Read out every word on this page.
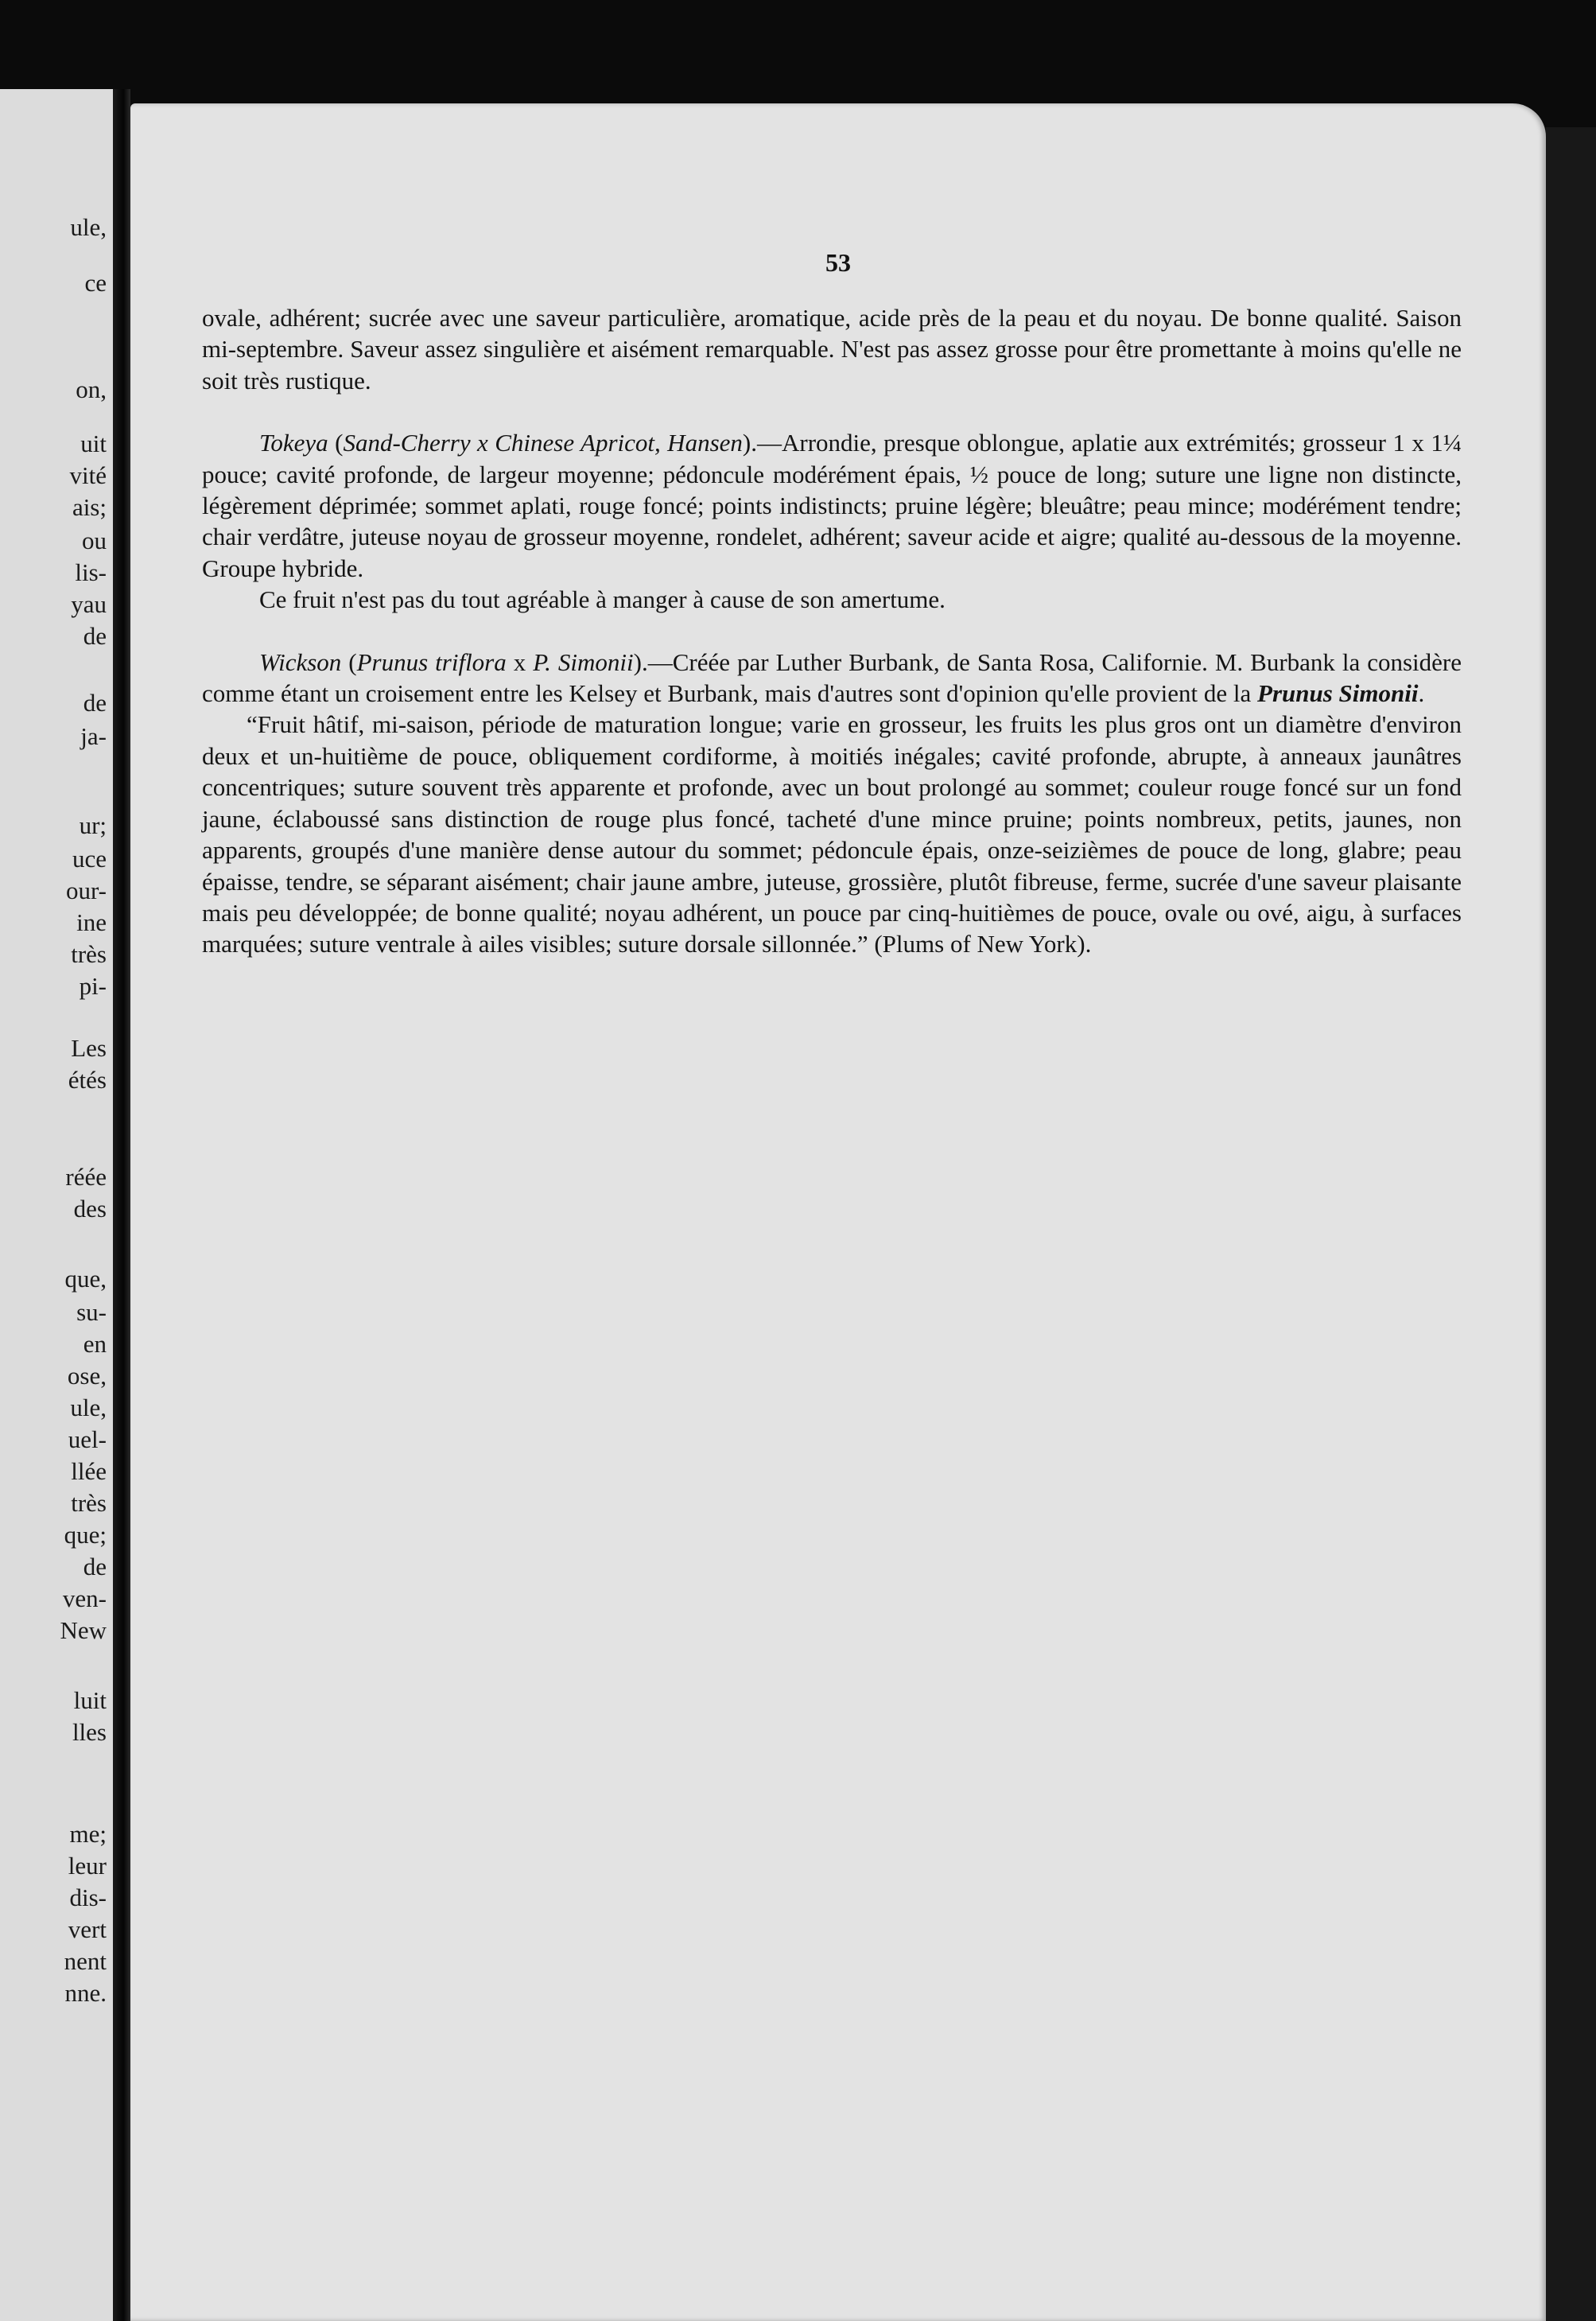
ule,
ce
on,
uit
vité
ais;
ou
lis-
yau
de
de
ja-
ur;
uce
our-
ine
très
pi-
Les
étés
réée
des
que,
su-
en
ose,
ule,
uel-
llée
très
que;
de
ven-
New
luit
lles
me;
leur
dis-
vert
nent
nne.
53

ovale, adhérent; sucrée avec une saveur particulière, aromatique, acide près de la peau et du noyau. De bonne qualité. Saison mi-septembre. Saveur assez singulière et aisément remarquable. N'est pas assez grosse pour être promettante à moins qu'elle ne soit très rustique.

Tokeya (Sand-Cherry x Chinese Apricot, Hansen).—Arrondie, presque oblongue, aplatie aux extrémités; grosseur 1 x 1¼ pouce; cavité profonde, de largeur moyenne; pédoncule modérément épais, ½ pouce de long; suture une ligne non distincte, légèrement déprimée; sommet aplati, rouge foncé; points indistincts; pruine légère; bleuâtre; peau mince; modérément tendre; chair verdâtre, juteuse noyau de grosseur moyenne, rondelet, adhérent; saveur acide et aigre; qualité au-dessous de la moyenne. Groupe hybride.

Ce fruit n'est pas du tout agréable à manger à cause de son amertume.

Wickson (Prunus triflora x P. Simonii).—Créée par Luther Burbank, de Santa Rosa, Californie. M. Burbank la considère comme étant un croisement entre les Kelsey et Burbank, mais d'autres sont d'opinion qu'elle provient de la Prunus Simonii.

“Fruit hâtif, mi-saison, période de maturation longue; varie en grosseur, les fruits les plus gros ont un diamètre d'environ deux et un-huitième de pouce, obliquement cordiforme, à moitiés inégales; cavité profonde, abrupte, à anneaux jaunâtres concentriques; suture souvent très apparente et profonde, avec un bout prolongé au sommet; couleur rouge foncé sur un fond jaune, éclaboussé sans distinction de rouge plus foncé, tacheté d'une mince pruine; points nombreux, petits, jaunes, non apparents, groupés d'une manière dense autour du sommet; pédoncule épais, onze-seizièmes de pouce de long, glabre; peau épaisse, tendre, se séparant aisément; chair jaune ambre, juteuse, grossière, plutôt fibreuse, ferme, sucrée d'une saveur plaisante mais peu développée; de bonne qualité; noyau adhérent, un pouce par cinq-huitièmes de pouce, ovale ou ové, aigu, à surfaces marquées; suture ventrale à ailes visibles; suture dorsale sillonnée.” (Plums of New York).
